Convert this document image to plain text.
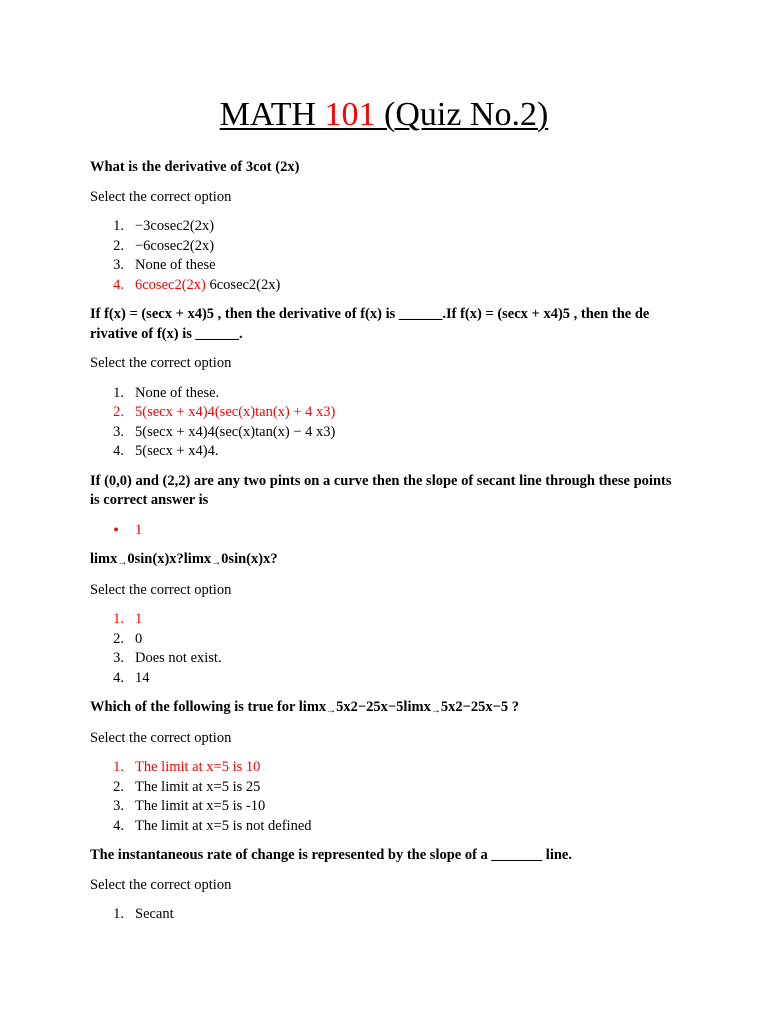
MATH 101 (Quiz No.2)
What is the derivative of 3cot (2x)
Select the correct option
1. −3cosec2(2x)
2. −6cosec2(2x)
3. None of these
4. 6cosec2(2x) 6cosec2(2x)
If f(x) = (secx + x4)5 , then the derivative of f(x) is ______.If f(x) = (secx + x4)5 , then the de rivative of f(x) is ______.
Select the correct option
1. None of these.
2. 5(secx + x4)4(sec(x)tan(x) + 4 x3)
3. 5(secx + x4)4(sec(x)tan(x) − 4 x3)
4. 5(secx + x4)4.
If (0,0) and (2,2) are any two pints on a curve then the slope of secant line through these points is correct answer is
•	1
limx→0sin(x)x?limx→0sin(x)x?
Select the correct option
1. 1
2. 0
3. Does not exist.
4. 14
Which of the following is true for limx→5x2−25x−5limx→5x2−25x−5 ?
Select the correct option
1. The limit at x=5 is 10
2. The limit at x=5 is 25
3. The limit at x=5 is -10
4. The limit at x=5 is not defined
The instantaneous rate of change is represented by the slope of a _______ line.
Select the correct option
1. Secant
